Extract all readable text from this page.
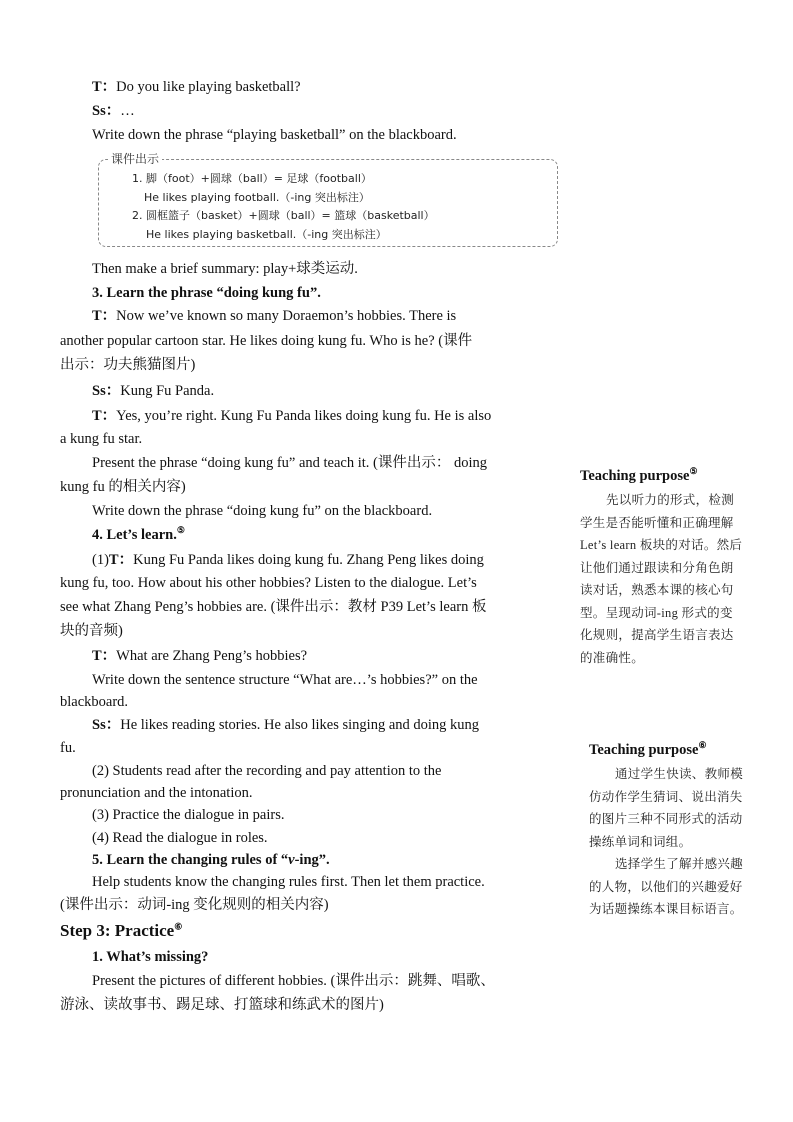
T：Do you like playing basketball?
Ss：…
Write down the phrase “playing basketball” on the blackboard.
课件出示
1. 脚（foot）+圆球（ball）= 足球（football）
He likes playing football.（-ing 突出标注）
2. 圆框篮子（basket）+圆球（ball）= 篮球（basketball）
He likes playing basketball.（-ing 突出标注）
Then make a brief summary: play+球类运动.
3. Learn the phrase “doing kung fu”.
T：Now we’ve known so many Doraemon’s hobbies. There is
another popular cartoon star. He likes doing kung fu. Who is he? (课件
出示：功夫熊猫图片)
Ss：Kung Fu Panda.
T：Yes, you’re right. Kung Fu Panda likes doing kung fu. He is also
a kung fu star.
Present the phrase “doing kung fu” and teach it. (课件出示： doing
kung fu 的相关内容)
Write down the phrase “doing kung fu” on the blackboard.
4. Let’s learn.⑤
(1)T：Kung Fu Panda likes doing kung fu. Zhang Peng likes doing
kung fu, too. How about his other hobbies? Listen to the dialogue. Let’s
see what Zhang Peng’s hobbies are. (课件出示：教材 P39 Let’s learn 板
块的音频)
T：What are Zhang Peng’s hobbies?
Write down the sentence structure “What are…’s hobbies?” on the
blackboard.
Ss：He likes reading stories. He also likes singing and doing kung
fu.
(2) Students read after the recording and pay attention to the
pronunciation and the intonation.
(3) Practice the dialogue in pairs.
(4) Read the dialogue in roles.
5. Learn the changing rules of “v-ing”.
Help students know the changing rules first. Then let them practice.
(课件出示：动词-ing 变化规则的相关内容)
Step 3: Practice⑥
1. What’s missing?
Present the pictures of different hobbies. (课件出示：跳舞、唱歌、
游泳、读故事书、踢足球、打篮球和练武术的图片)
Teaching purpose⑤
先以听力的形式，检测
学生是否能听懂和正确理解
Let’s learn 板块的对话。然后
让他们通过跟读和分角色朗
读对话，熟悉本课的核心句
型。呈现动词-ing 形式的变
化规则，提高学生语言表达
的准确性。
Teaching purpose⑥
通过学生快读、教师模
仿动作学生猜词、说出消失
的图片三种不同形式的活动
操练单词和词组。
选择学生了解并感兴趣
的人物，以他们的兴趣爱好
为话题操练本课目标语言。
